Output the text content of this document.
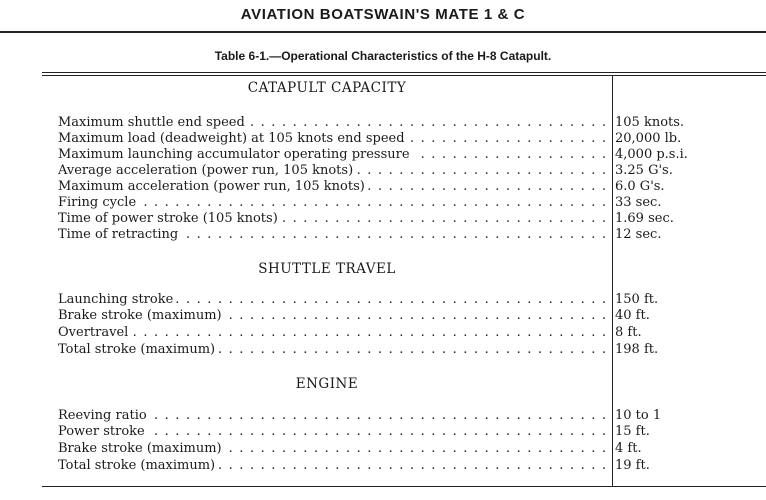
AVIATION BOATSWAIN'S MATE 1 & C
Table 6-1.—Operational Characteristics of the H-8 Catapult.
CATAPULT CAPACITY
Maximum shuttle end speed . . .	105 knots.
Maximum load (deadweight) at 105 knots end speed . . .	20,000 lb.
Maximum launching accumulator operating pressure . . .	4,000 p.s.i.
Average acceleration (power run, 105 knots) . . .	3.25 G's.
Maximum acceleration (power run, 105 knots) . . .	6.0 G's.
Firing cycle . . .	33 sec.
Time of power stroke (105 knots) . . .	1.69 sec.
Time of retracting . . .	12 sec.
SHUTTLE TRAVEL
Launching stroke . . .	150 ft.
Brake stroke (maximum) . . .	40 ft.
Overtravel . . .	8 ft.
Total stroke (maximum) . . .	198 ft.
ENGINE
Reeving ratio . . .	10 to 1
Power stroke . . .	15 ft.
Brake stroke (maximum) . . .	4 ft.
Total stroke (maximum) . . .	19 ft.
